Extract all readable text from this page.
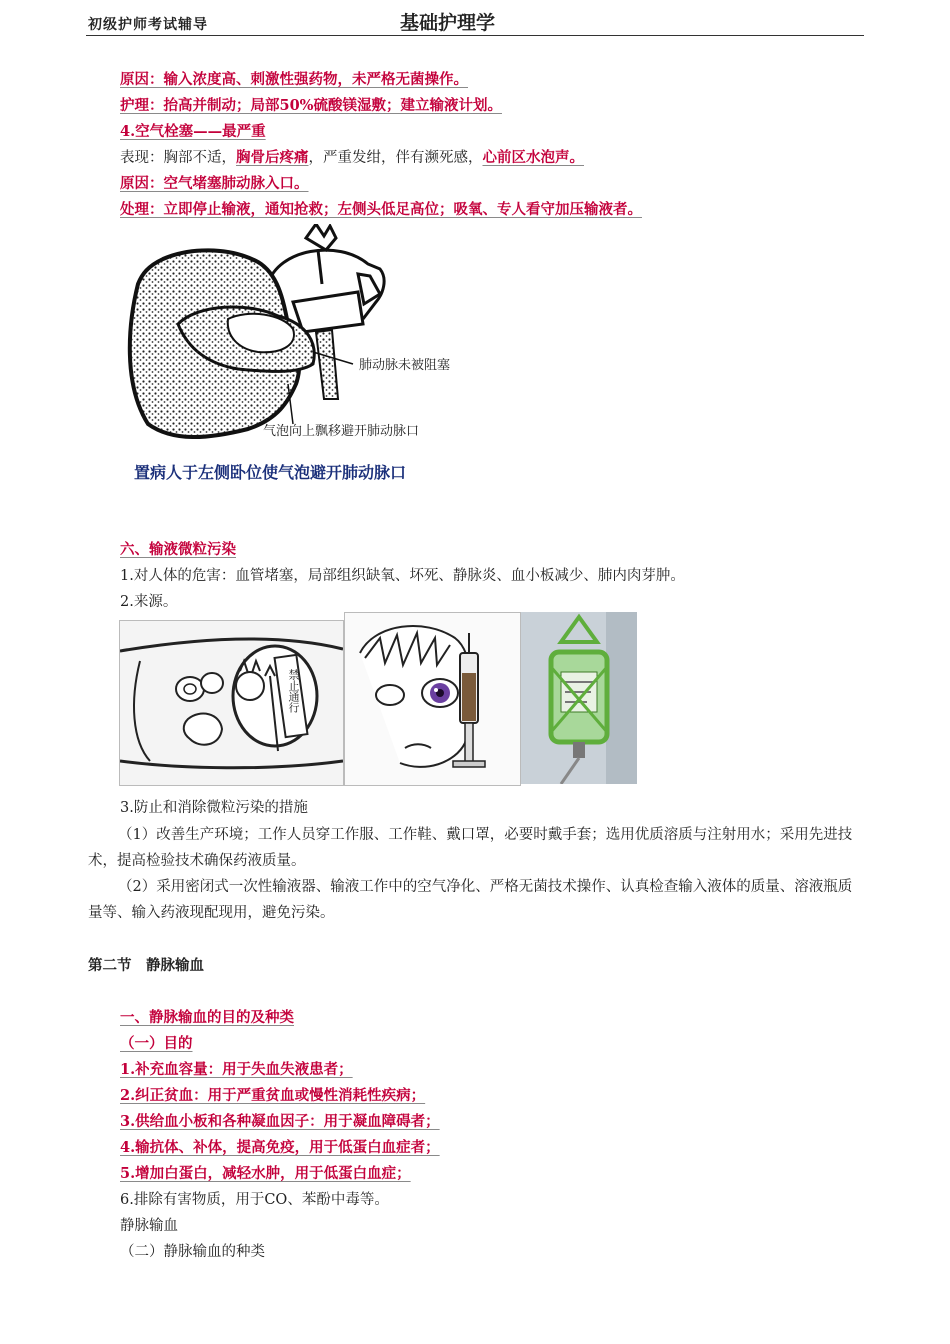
初级护师考试辅导	基础护理学
原因：输入浓度高、刺激性强药物，未严格无菌操作。
护理：抬高并制动；局部50%硫酸镁湿敷；建立输液计划。
4.空气栓塞——最严重
表现：胸部不适，胸骨后疼痛，严重发绀，伴有濒死感，心前区水泡声。
原因：空气堵塞肺动脉入口。
处理：立即停止输液，通知抢救；左侧头低足高位；吸氧、专人看守加压输液者。
肺动脉未被阻塞
气泡向上飘移避开肺动脉口
置病人于左侧卧位使气泡避开肺动脉口
六、输液微粒污染
1.对人体的危害：血管堵塞，局部组织缺氧、坏死、静脉炎、血小板减少、肺内肉芽肿。
2.来源。
禁止通行
3.防止和消除微粒污染的措施
（1）改善生产环境；工作人员穿工作服、工作鞋、戴口罩，必要时戴手套；选用优质溶质与注射用水；采用先进技术，提高检验技术确保药液质量。
（2）采用密闭式一次性输液器、输液工作中的空气净化、严格无菌技术操作、认真检查输入液体的质量、溶液瓶质量等、输入药液现配现用，避免污染。
第二节　静脉输血
一、静脉输血的目的及种类
（一）目的
1.补充血容量：用于失血失液患者；
2.纠正贫血：用于严重贫血或慢性消耗性疾病；
3.供给血小板和各种凝血因子：用于凝血障碍者；
4.输抗体、补体，提高免疫，用于低蛋白血症者；
5.增加白蛋白，减轻水肿，用于低蛋白血症；
6.排除有害物质，用于CO、苯酚中毒等。
静脉输血
（二）静脉输血的种类
